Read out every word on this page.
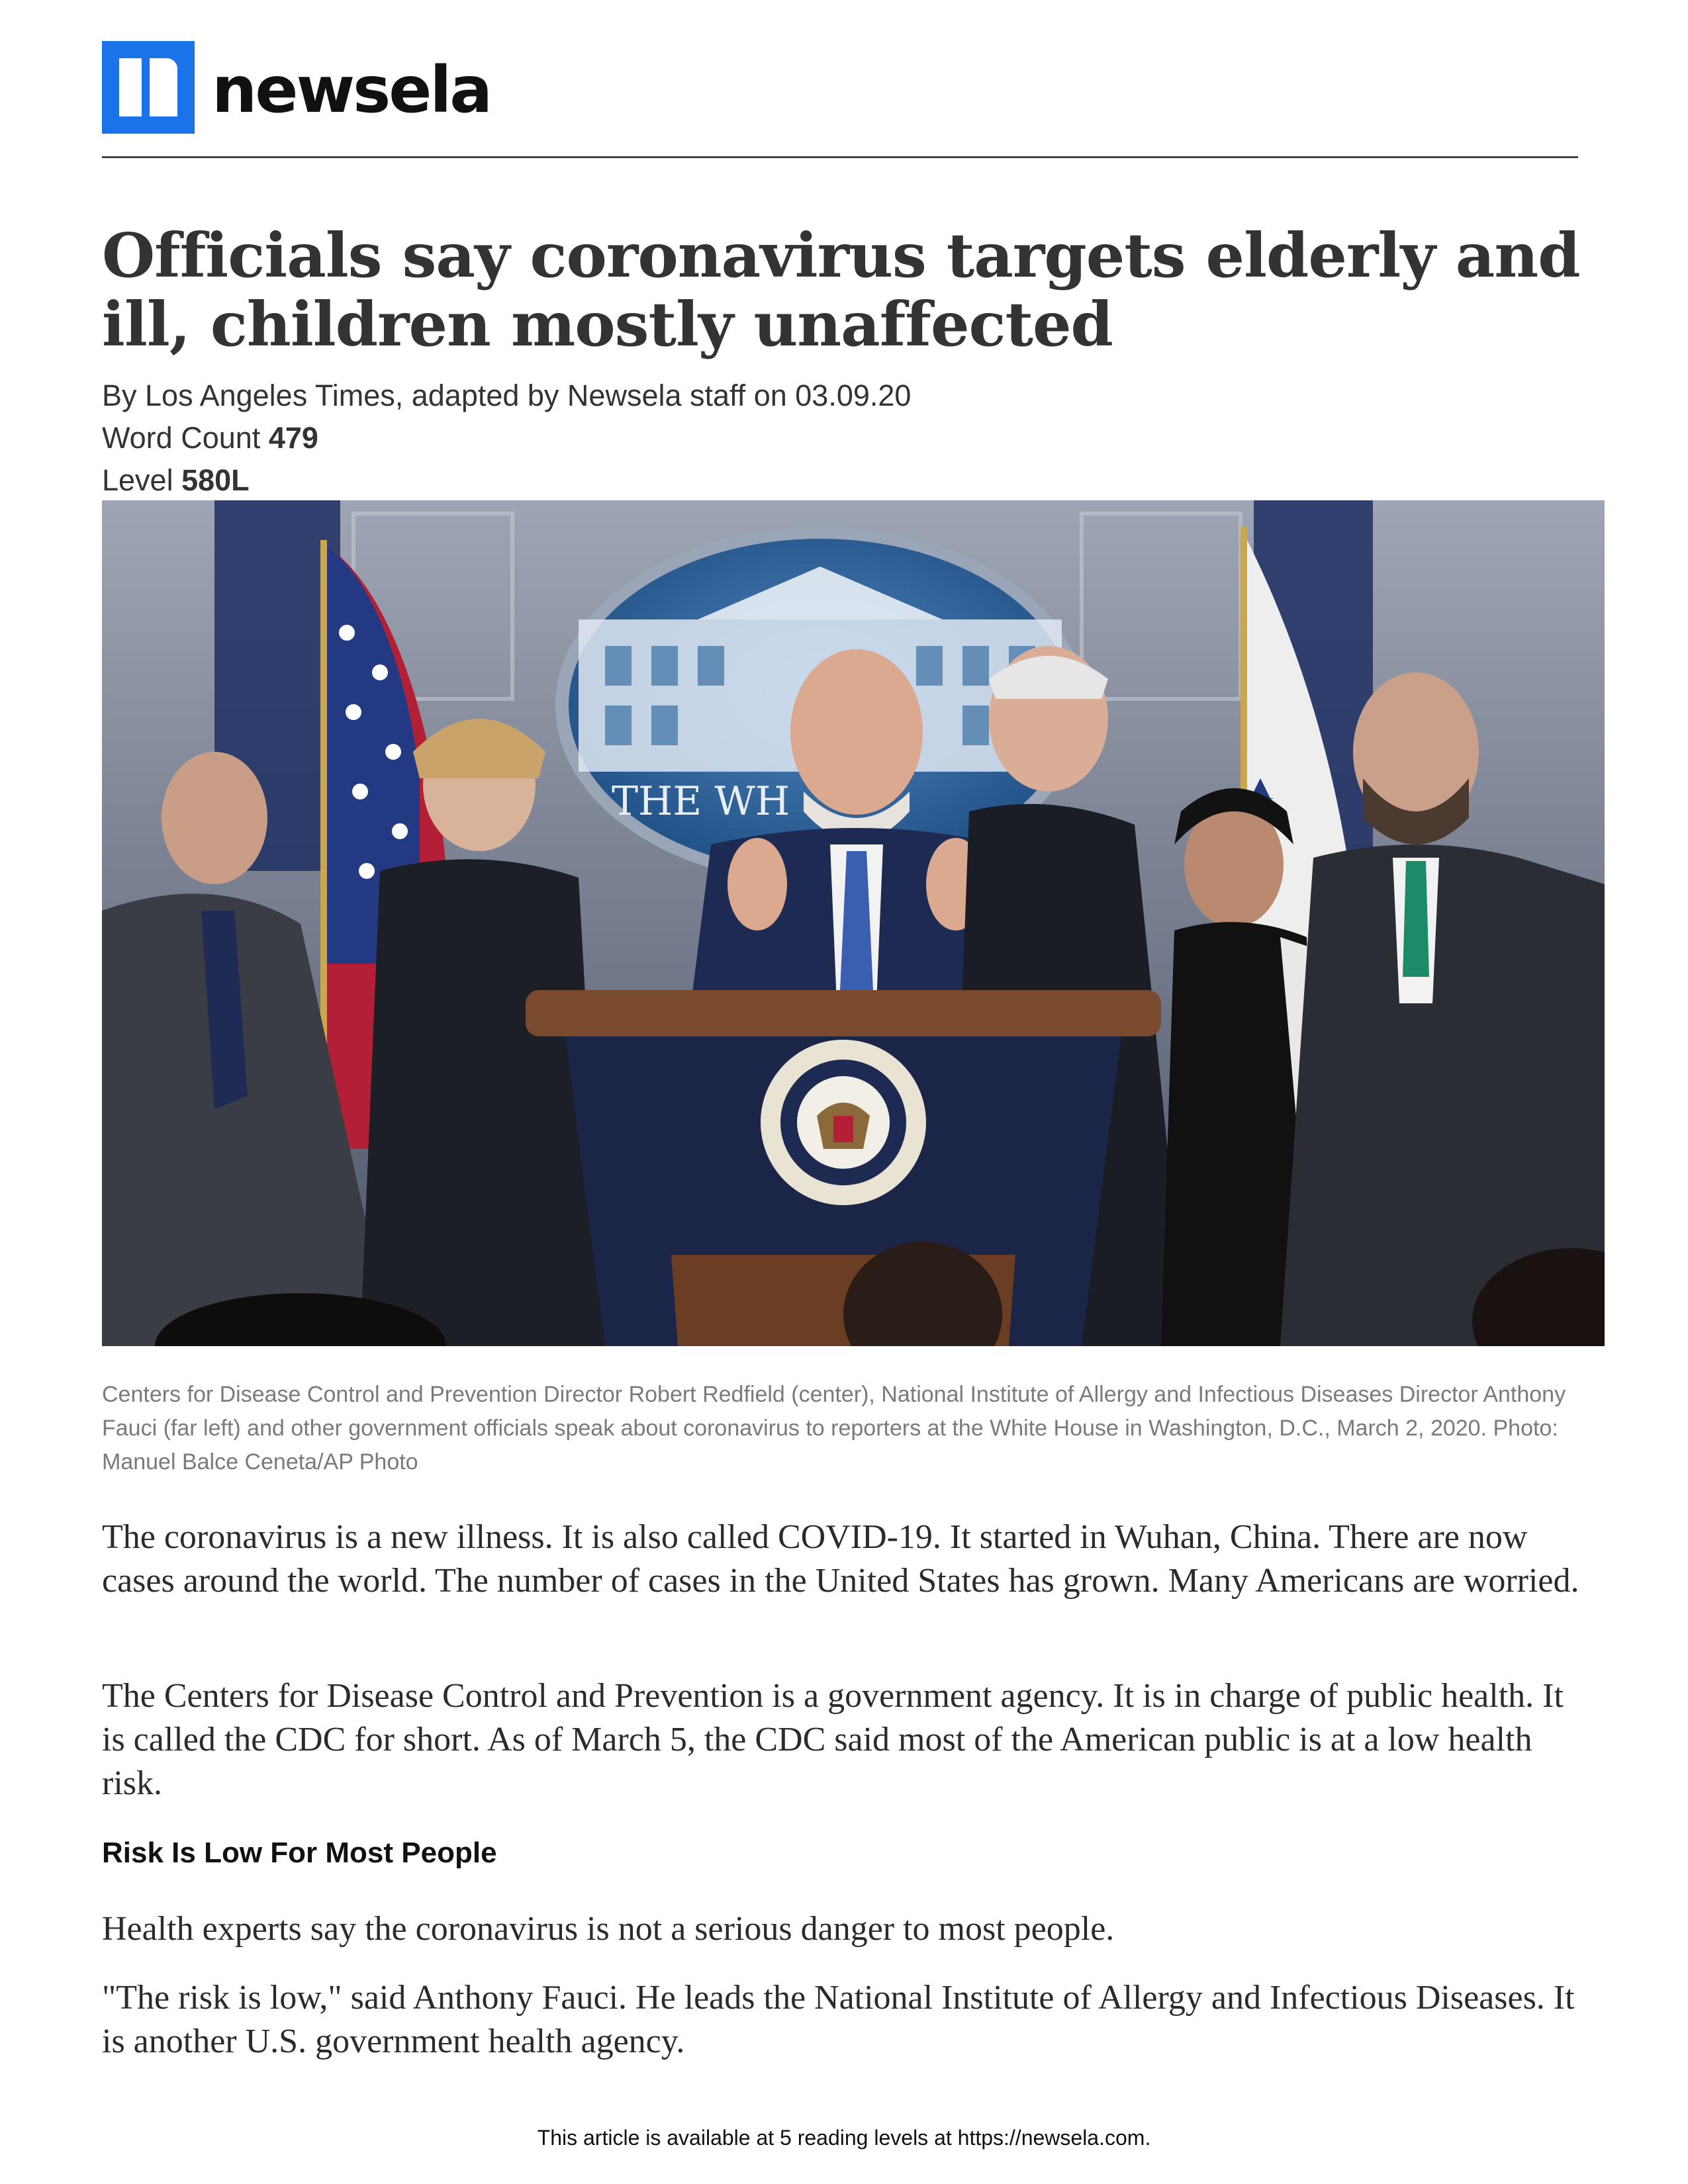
newsela
Officials say coronavirus targets elderly and ill, children mostly unaffected
By Los Angeles Times, adapted by Newsela staff on 03.09.20
Word Count 479
Level 580L
THE WH

Centers for Disease Control and Prevention Director Robert Redfield (center), National Institute of Allergy and Infectious Diseases Director Anthony Fauci (far left) and other government officials speak about coronavirus to reporters at the White House in Washington, D.C., March 2, 2020. Photo: Manuel Balce Ceneta/AP Photo

The coronavirus is a new illness. It is also called COVID-19. It started in Wuhan, China. There are now cases around the world. The number of cases in the United States has grown. Many Americans are worried.

The Centers for Disease Control and Prevention is a government agency. It is in charge of public health. It is called the CDC for short. As of March 5, the CDC said most of the American public is at a low health risk.

Risk Is Low For Most People

Health experts say the coronavirus is not a serious danger to most people.

"The risk is low," said Anthony Fauci. He leads the National Institute of Allergy and Infectious Diseases. It is another U.S. government health agency.

This article is available at 5 reading levels at https://newsela.com.
